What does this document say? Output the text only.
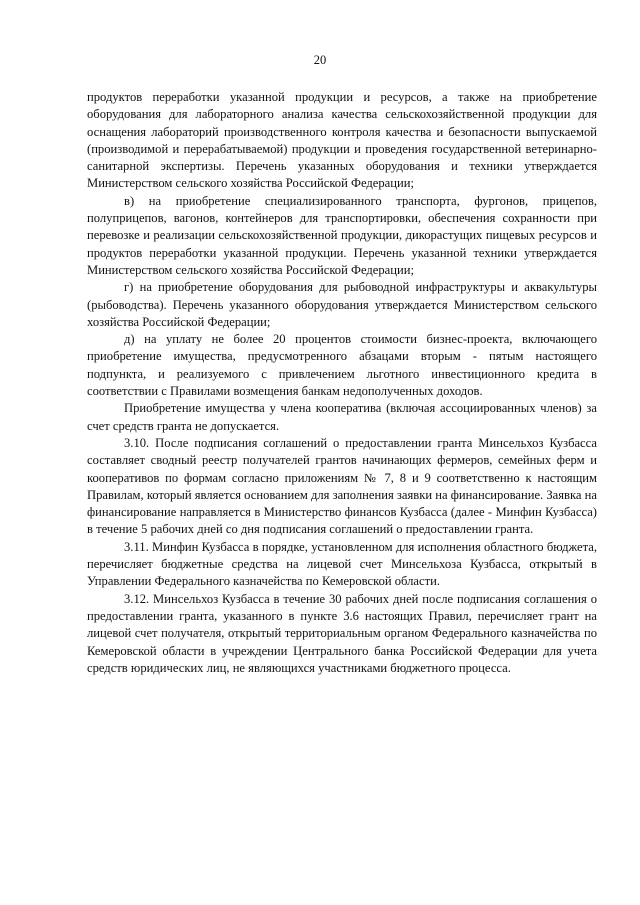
20

продуктов переработки указанной продукции и ресурсов, а также на приобретение оборудования для лабораторного анализа качества сельскохозяйственной продукции для оснащения лабораторий производственного контроля качества и безопасности выпускаемой (производимой и перерабатываемой) продукции и проведения государственной ветеринарно-санитарной экспертизы. Перечень указанных оборудования и техники утверждается Министерством сельского хозяйства Российской Федерации;

в) на приобретение специализированного транспорта, фургонов, прицепов, полуприцепов, вагонов, контейнеров для транспортировки, обеспечения сохранности при перевозке и реализации сельскохозяйственной продукции, дикорастущих пищевых ресурсов и продуктов переработки указанной продукции. Перечень указанной техники утверждается Министерством сельского хозяйства Российской Федерации;

г) на приобретение оборудования для рыбоводной инфраструктуры и аквакультуры (рыбоводства). Перечень указанного оборудования утверждается Министерством сельского хозяйства Российской Федерации;

д) на уплату не более 20 процентов стоимости бизнес-проекта, включающего приобретение имущества, предусмотренного абзацами вторым - пятым настоящего подпункта, и реализуемого с привлечением льготного инвестиционного кредита в соответствии с Правилами возмещения банкам недополученных доходов.

Приобретение имущества у члена кооператива (включая ассоциированных членов) за счет средств гранта не допускается.

3.10. После подписания соглашений о предоставлении гранта Минсельхоз Кузбасса составляет сводный реестр получателей грантов начинающих фермеров, семейных ферм и кооперативов по формам согласно приложениям № 7, 8 и 9 соответственно к настоящим Правилам, который является основанием для заполнения заявки на финансирование. Заявка на финансирование направляется в Министерство финансов Кузбасса (далее - Минфин Кузбасса) в течение 5 рабочих дней со дня подписания соглашений о предоставлении гранта.

3.11. Минфин Кузбасса в порядке, установленном для исполнения областного бюджета, перечисляет бюджетные средства на лицевой счет Минсельхоза Кузбасса, открытый в Управлении Федерального казначейства по Кемеровской области.

3.12. Минсельхоз Кузбасса в течение 30 рабочих дней после подписания соглашения о предоставлении гранта, указанного в пункте 3.6 настоящих Правил, перечисляет грант на лицевой счет получателя, открытый территориальным органом Федерального казначейства по Кемеровской области в учреждении Центрального банка Российской Федерации для учета средств юридических лиц, не являющихся участниками бюджетного процесса.
